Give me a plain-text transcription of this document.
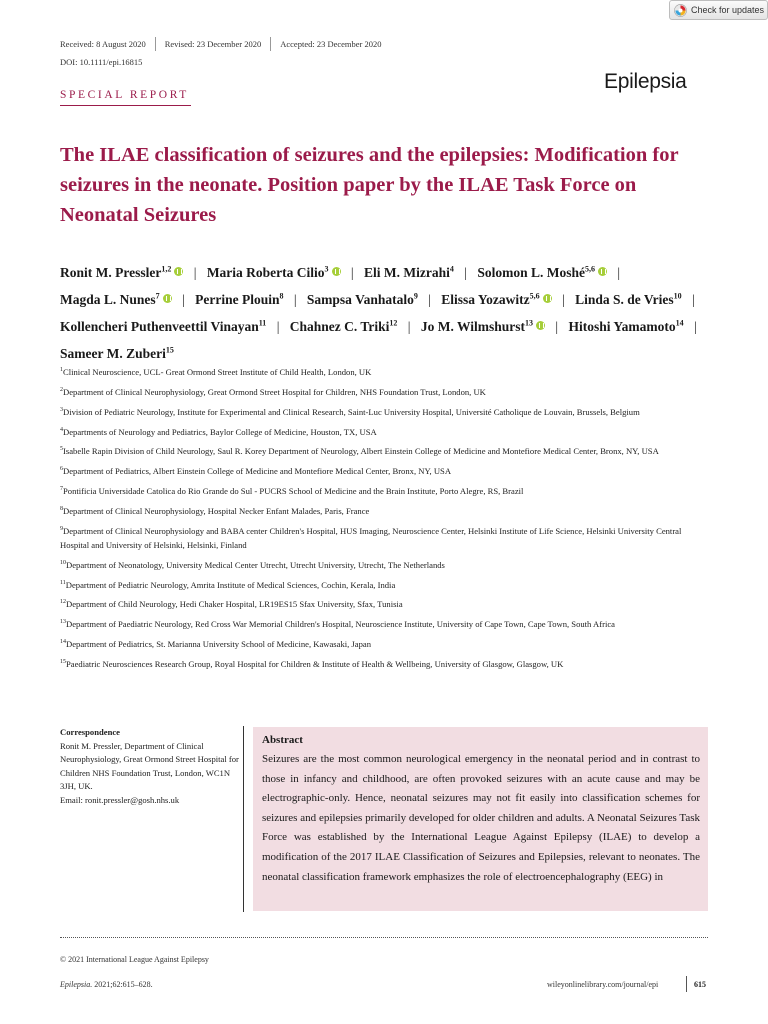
Check for updates
Received: 8 August 2020 Revised: 23 December 2020 Accepted: 23 December 2020
DOI: 10.1111/epi.16815
Epilepsia
SPECIAL REPORT
The ILAE classification of seizures and the epilepsies: Modification for seizures in the neonate. Position paper by the ILAE Task Force on Neonatal Seizures
Ronit M. Pressler$^{1,2}$ | Maria Roberta Cilio$^3$ | Eli M. Mizrahi$^4$ | Solomon L. Moshé$^{5,6}$ | Magda L. Nunes$^7$ | Perrine Plouin$^8$ | Sampsa Vanhatalo$^9$ | Elissa Yozawitz$^{5,6}$ | Linda S. de Vries$^{10}$ | Kollencheri Puthenveettil Vinayan$^{11}$ | Chahnez C. Triki$^{12}$ | Jo M. Wilmshurst$^{13}$ | Hitoshi Yamamoto$^{14}$ | Sameer M. Zuberi$^{15}$
$^1$Clinical Neuroscience, UCL- Great Ormond Street Institute of Child Health, London, UK
$^2$Department of Clinical Neurophysiology, Great Ormond Street Hospital for Children, NHS Foundation Trust, London, UK
$^3$Division of Pediatric Neurology, Institute for Experimental and Clinical Research, Saint-Luc University Hospital, Université Catholique de Louvain, Brussels, Belgium
$^4$Departments of Neurology and Pediatrics, Baylor College of Medicine, Houston, TX, USA
$^5$Isabelle Rapin Division of Child Neurology, Saul R. Korey Department of Neurology, Albert Einstein College of Medicine and Montefiore Medical Center, Bronx, NY, USA
$^6$Department of Pediatrics, Albert Einstein College of Medicine and Montefiore Medical Center, Bronx, NY, USA
$^7$Pontificia Universidade Catolica do Rio Grande do Sul - PUCRS School of Medicine and the Brain Institute, Porto Alegre, RS, Brazil
$^8$Department of Clinical Neurophysiology, Hospital Necker Enfant Malades, Paris, France
$^9$Department of Clinical Neurophysiology and BABA center Children's Hospital, HUS Imaging, Neuroscience Center, Helsinki Institute of Life Science, Helsinki University Central Hospital and University of Helsinki, Helsinki, Finland
$^{10}$Department of Neonatology, University Medical Center Utrecht, Utrecht University, Utrecht, The Netherlands
$^{11}$Department of Pediatric Neurology, Amrita Institute of Medical Sciences, Cochin, Kerala, India
$^{12}$Department of Child Neurology, Hedi Chaker Hospital, LR19ES15 Sfax University, Sfax, Tunisia
$^{13}$Department of Paediatric Neurology, Red Cross War Memorial Children's Hospital, Neuroscience Institute, University of Cape Town, Cape Town, South Africa
$^{14}$Department of Pediatrics, St. Marianna University School of Medicine, Kawasaki, Japan
$^{15}$Paediatric Neurosciences Research Group, Royal Hospital for Children & Institute of Health & Wellbeing, University of Glasgow, Glasgow, UK
Correspondence
Ronit M. Pressler, Department of Clinical Neurophysiology, Great Ormond Street Hospital for Children NHS Foundation Trust, London, WC1N 3JH, UK.
Email: ronit.pressler@gosh.nhs.uk
Abstract
Seizures are the most common neurological emergency in the neonatal period and in contrast to those in infancy and childhood, are often provoked seizures with an acute cause and may be electrographic-only. Hence, neonatal seizures may not fit easily into classification schemes for seizures and epilepsies primarily developed for older children and adults. A Neonatal Seizures Task Force was established by the International League Against Epilepsy (ILAE) to develop a modification of the 2017 ILAE Classification of Seizures and Epilepsies, relevant to neonates. The neonatal classification framework emphasizes the role of electroencephalography (EEG) in
© 2021 International League Against Epilepsy
Epilepsia. 2021;62:615–628.	wileyonlinelibrary.com/journal/epi	615
